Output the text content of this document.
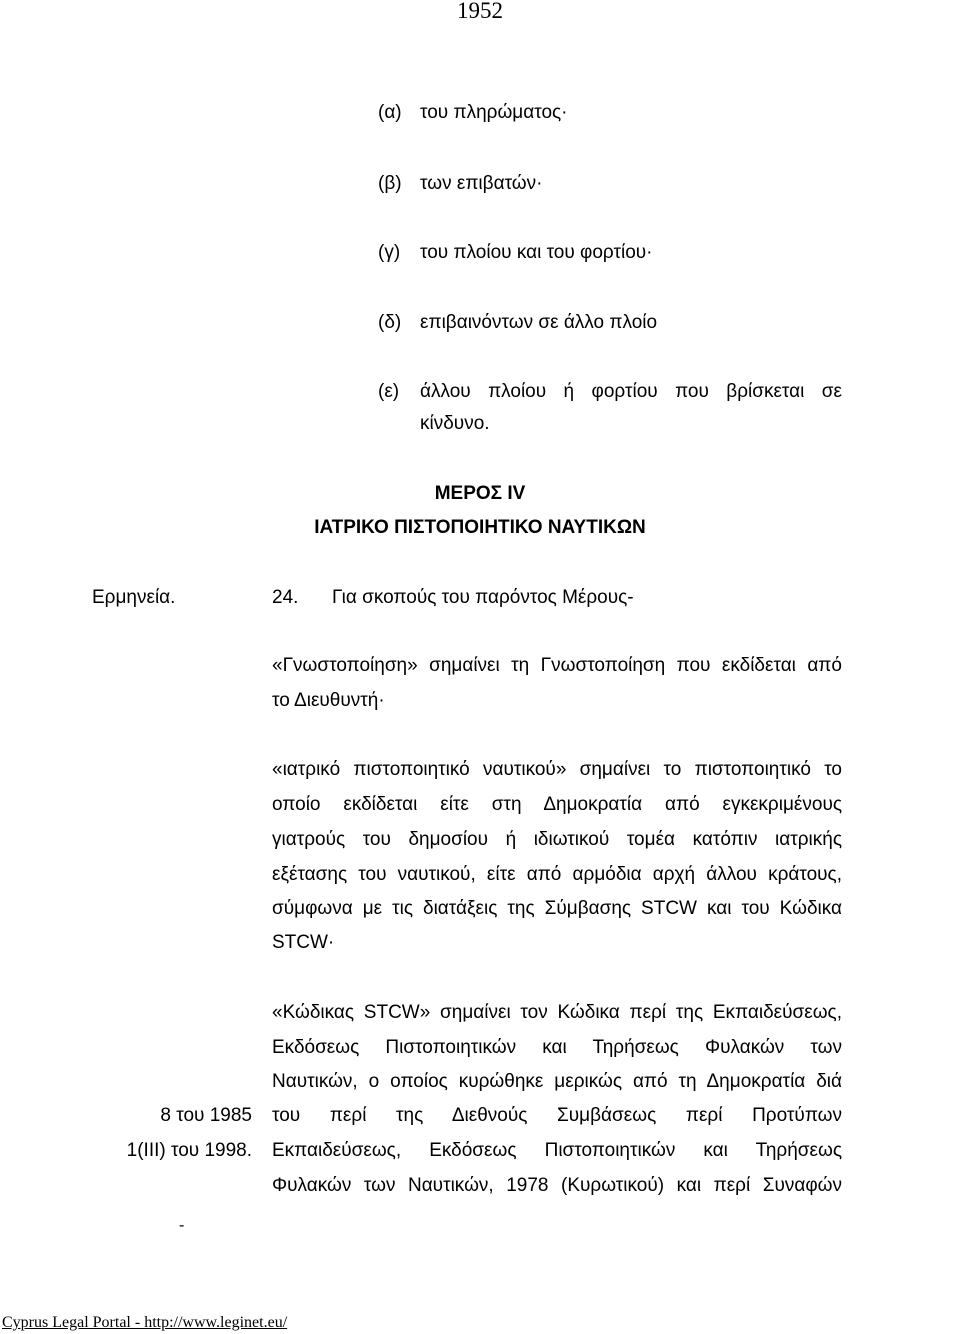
1952
(α) του πληρώματος·
(β) των επιβατών·
(γ) του πλοίου και του φορτίου·
(δ) επιβαινόντων σε άλλο πλοίο
(ε) άλλου πλοίου ή φορτίου που βρίσκεται σε
κίνδυνο.
ΜΕΡΟΣ IV
ΙΑΤΡΙΚΟ ΠΙΣΤΟΠΟΙΗΤΙΚΟ ΝΑΥΤΙΚΩΝ
Ερμηνεία.	24. Για σκοπούς του παρόντος Μέρους-
«Γνωστοποίηση» σημαίνει τη Γνωστοποίηση που εκδίδεται από
το Διευθυντή·
«ιατρικό πιστοποιητικό ναυτικού» σημαίνει το πιστοποιητικό το
οποίο εκδίδεται είτε στη Δημοκρατία από εγκεκριμένους
γιατρούς του δημοσίου ή ιδιωτικού τομέα κατόπιν ιατρικής
εξέτασης του ναυτικού, είτε από αρμόδια αρχή άλλου κράτους,
σύμφωνα με τις διατάξεις της Σύμβασης STCW και του Κώδικα
STCW·
«Κώδικας STCW» σημαίνει τον Κώδικα περί της Εκπαιδεύσεως,
Εκδόσεως Πιστοποιητικών και Τηρήσεως Φυλακών των
Ναυτικών, ο οποίος κυρώθηκε μερικώς από τη Δημοκρατία διά
του περί της Διεθνούς Συμβάσεως περί Προτύπων
Εκπαιδεύσεως, Εκδόσεως Πιστοποιητικών και Τηρήσεως
Φυλακών των Ναυτικών, 1978 (Κυρωτικού) και περί Συναφών
8 του 1985
1(ΙΙΙ) του 1998.
-
Cyprus Legal Portal - http://www.leginet.eu/
